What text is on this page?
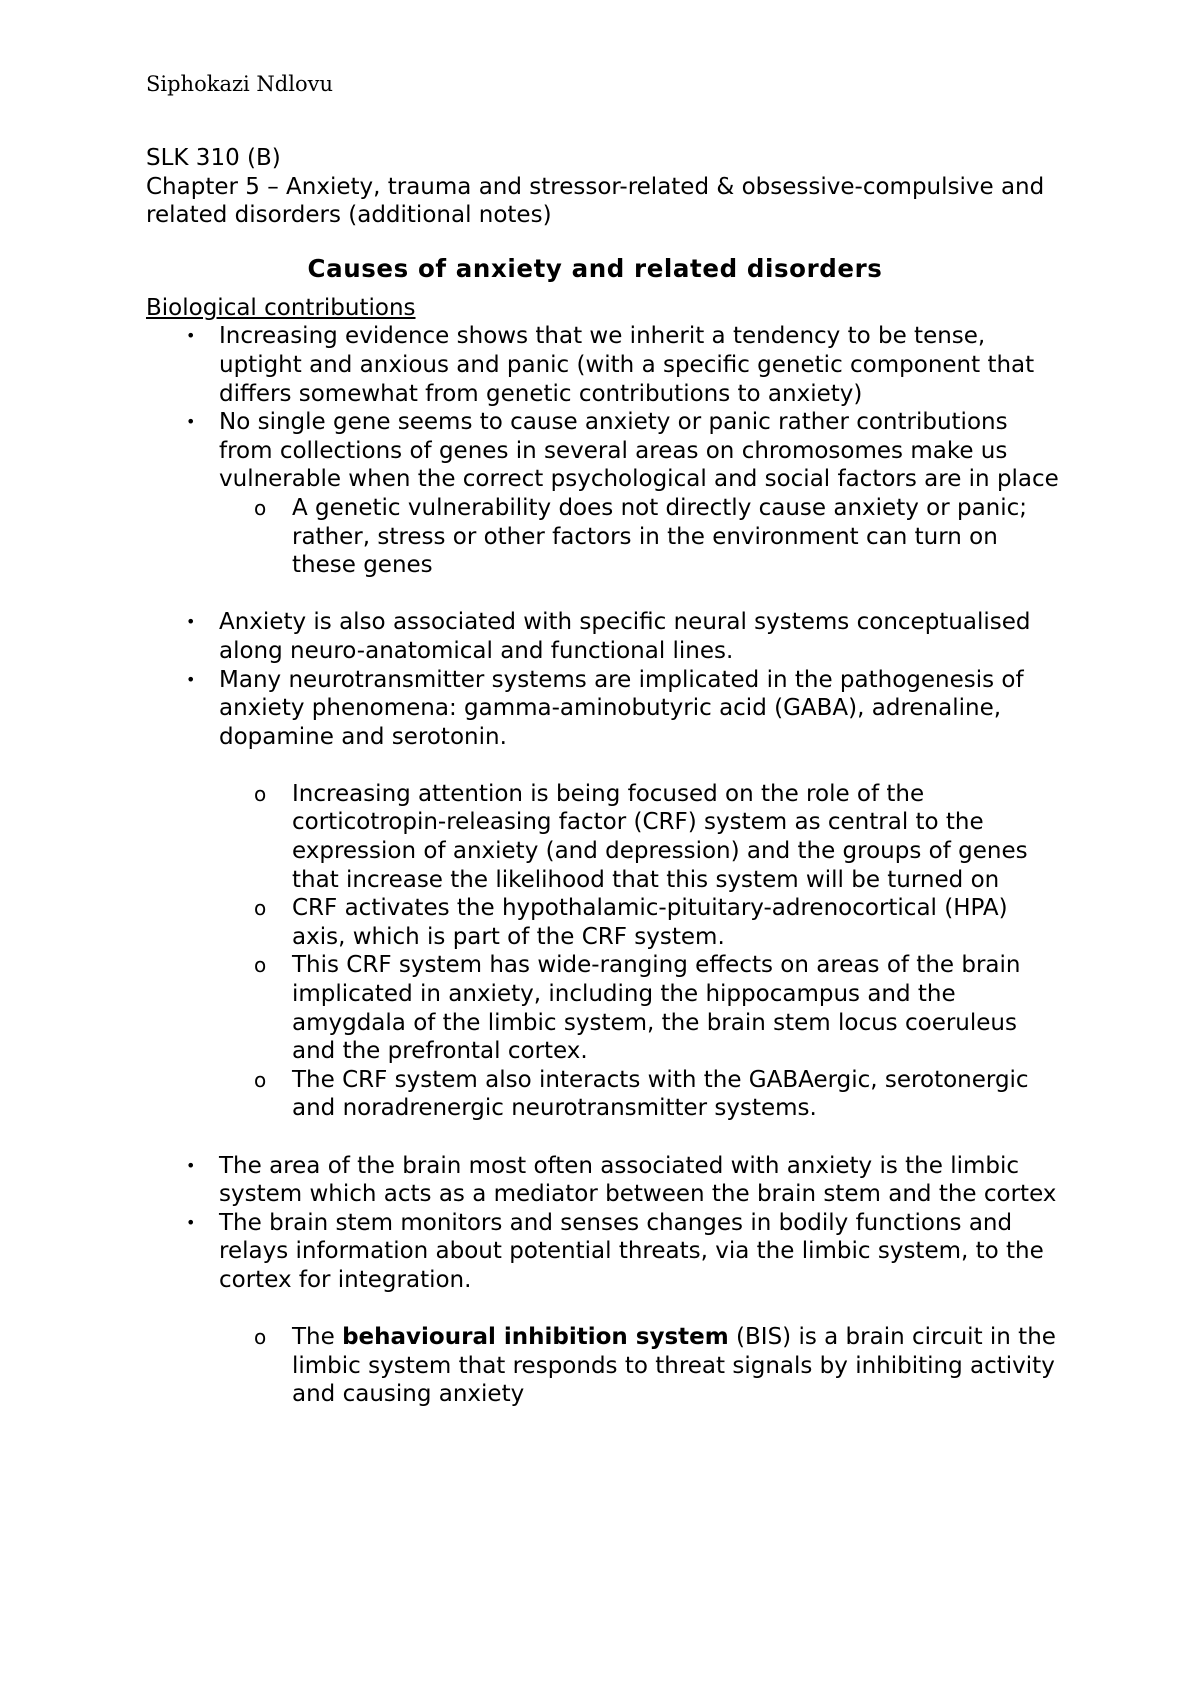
Siphokazi Ndlovu

SLK 310 (B)

Chapter 5 – Anxiety, trauma and stressor-related & obsessive-compulsive and related disorders (additional notes)

Causes of anxiety and related disorders

Biological contributions

• Increasing evidence shows that we inherit a tendency to be tense, uptight and anxious and panic (with a specific genetic component that differs somewhat from genetic contributions to anxiety)
• No single gene seems to cause anxiety or panic rather contributions from collections of genes in several areas on chromosomes make us vulnerable when the correct psychological and social factors are in place
o A genetic vulnerability does not directly cause anxiety or panic; rather, stress or other factors in the environment can turn on these genes
• Anxiety is also associated with specific neural systems conceptualised along neuro-anatomical and functional lines.
• Many neurotransmitter systems are implicated in the pathogenesis of anxiety phenomena: gamma-aminobutyric acid (GABA), adrenaline, dopamine and serotonin.
o Increasing attention is being focused on the role of the corticotropin-releasing factor (CRF) system as central to the expression of anxiety (and depression) and the groups of genes that increase the likelihood that this system will be turned on
o CRF activates the hypothalamic-pituitary-adrenocortical (HPA) axis, which is part of the CRF system.
o This CRF system has wide-ranging effects on areas of the brain implicated in anxiety, including the hippocampus and the amygdala of the limbic system, the brain stem locus coeruleus and the prefrontal cortex.
o The CRF system also interacts with the GABAergic, serotonergic and noradrenergic neurotransmitter systems.
• The area of the brain most often associated with anxiety is the limbic system which acts as a mediator between the brain stem and the cortex
• The brain stem monitors and senses changes in bodily functions and relays information about potential threats, via the limbic system, to the cortex for integration.
o The behavioural inhibition system (BIS) is a brain circuit in the limbic system that responds to threat signals by inhibiting activity and causing anxiety
